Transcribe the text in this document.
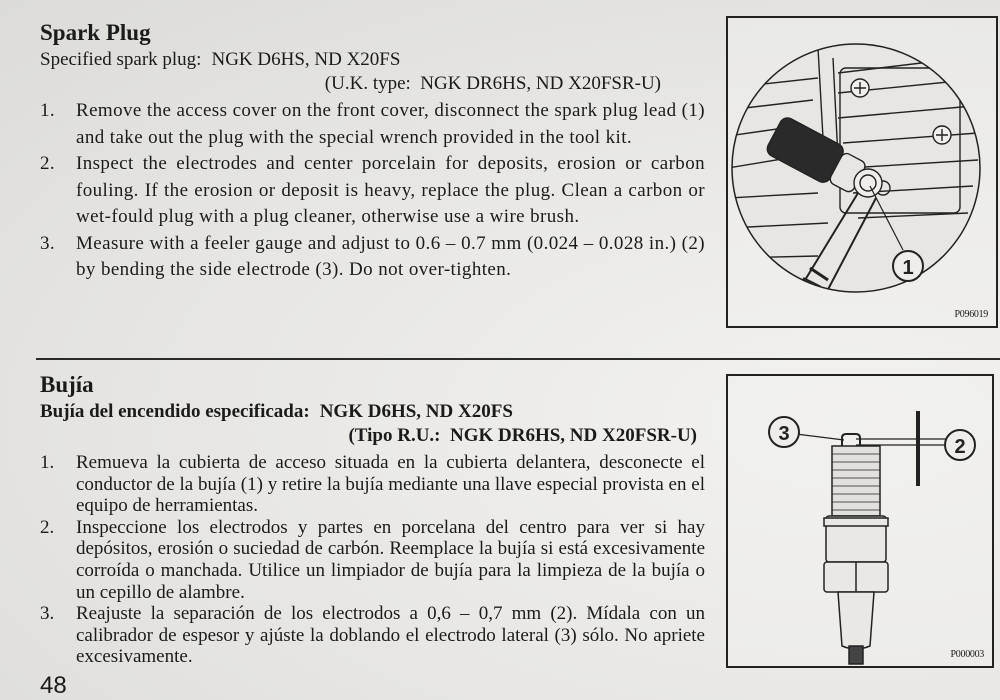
Spark Plug
Specified spark plug: NGK D6HS, ND X20FS
(U.K. type:  NGK DR6HS, ND X20FSR-U)
1. Remove the access cover on the front cover, disconnect the spark plug lead (1) and take out the plug with the special wrench provided in the tool kit.
2. Inspect the electrodes and center porcelain for deposits, erosion or carbon fouling. If the erosion or deposit is heavy, replace the plug. Clean a carbon or wet-fould plug with a plug cleaner, otherwise use a wire brush.
3. Measure with a feeler gauge and adjust to 0.6 – 0.7 mm (0.024 – 0.028 in.) (2) by bending the side electrode (3). Do not over-tighten.
Bujía
Bujía del encendido especificada: NGK D6HS, ND X20FS
(Tipo R.U.:  NGK DR6HS, ND X20FSR-U)
1. Remueva la cubierta de acceso situada en la cubierta delantera, desconecte el conductor de la bujía (1) y retire la bujía mediante una llave especial provista en el equipo de herramientas.
2. Inspeccione los electrodos y partes en porcelana del centro para ver si hay depósitos, erosión o suciedad de carbón. Reemplace la bujía si está excesivamente corroída o manchada. Utilice un limpiador de bujía para la limpieza de la bujía o un cepillo de alambre.
3. Reajuste la separación de los electrodos a 0,6 – 0,7 mm (2). Mídala con un calibrador de espesor y ajúste la doblando el electrodo lateral (3) sólo. No apriete excesivamente.
48
1
P096019
3
2
P000003
